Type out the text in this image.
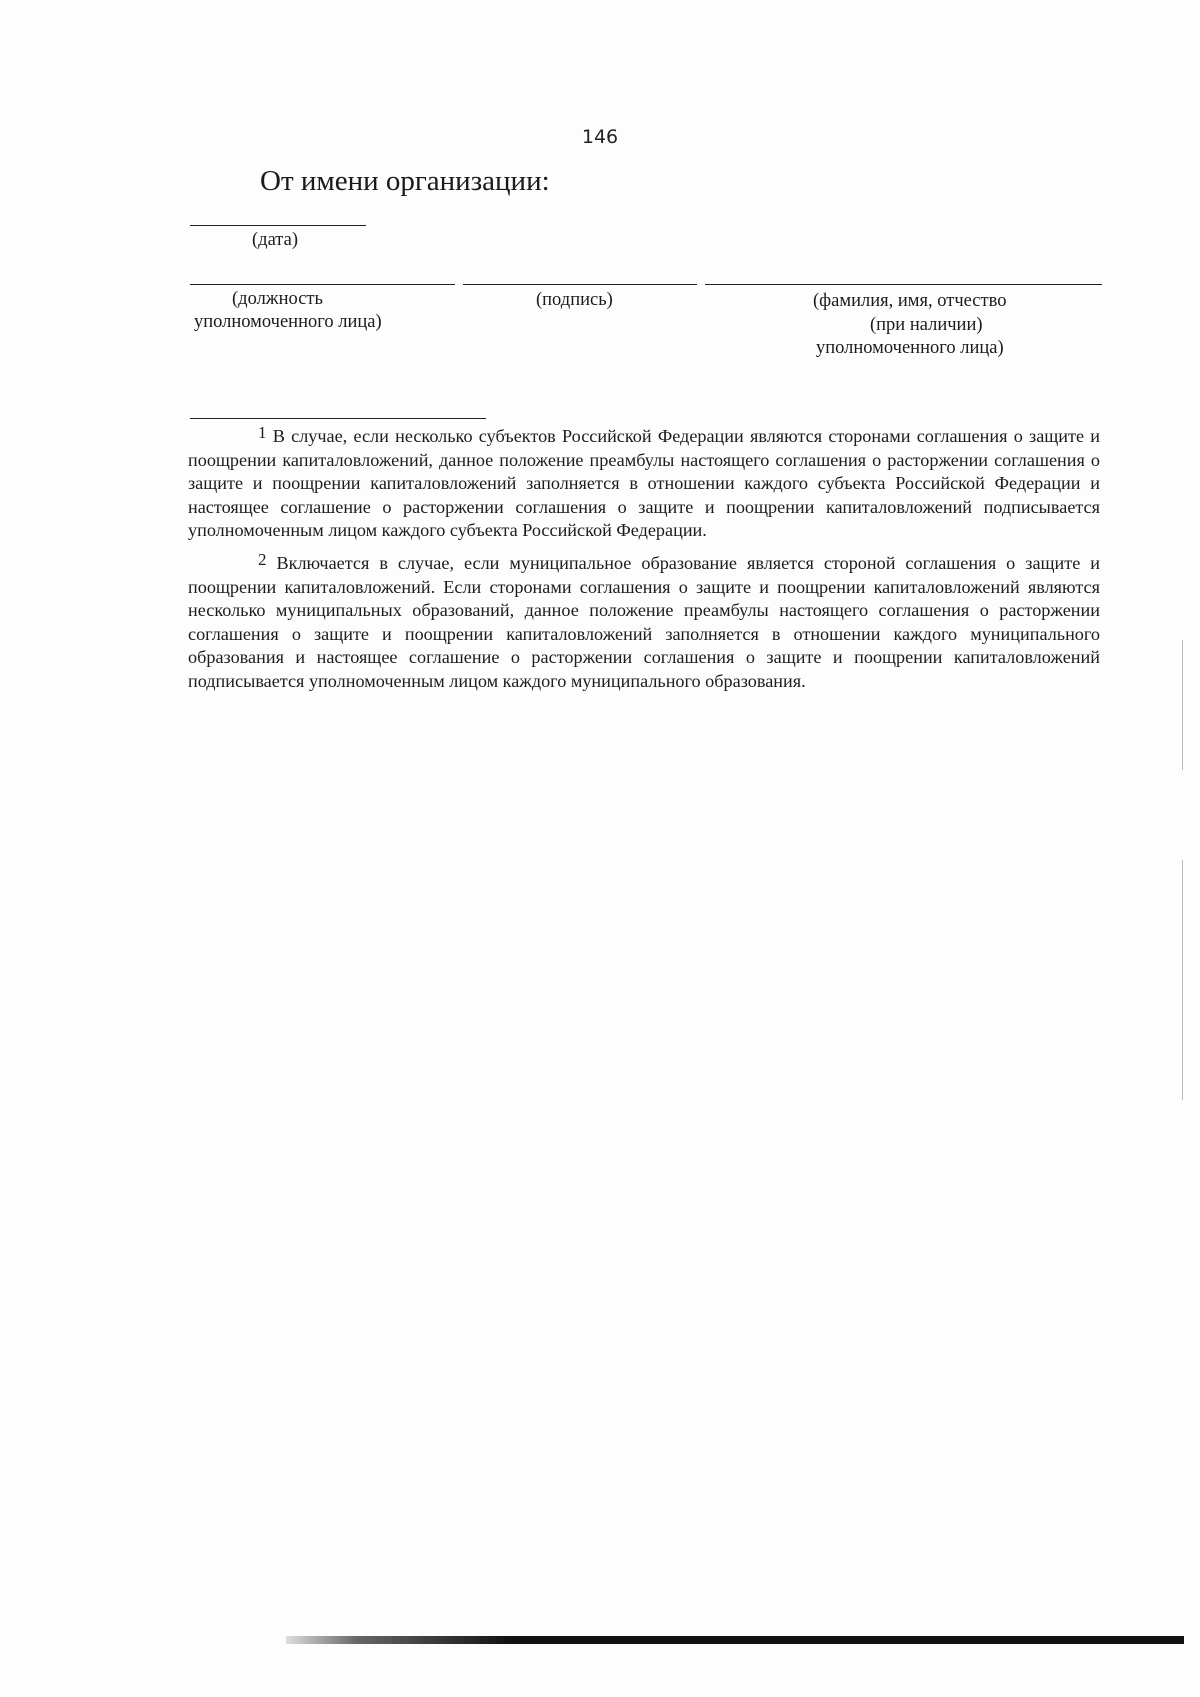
146
От имени организации:
(дата)
(должность
уполномоченного лица)
(подпись)	(фамилия, имя, отчество
(при наличии)
уполномоченного лица)

$^1$ В случае, если несколько субъектов Российской Федерации являются сторонами соглашения о защите и поощрении капиталовложений, данное положение преамбулы настоящего соглашения о расторжении соглашения о защите и поощрении капиталовложений заполняется в отношении каждого субъекта Российской Федерации и настоящее соглашение о расторжении соглашения о защите и поощрении капиталовложений подписывается уполномоченным лицом каждого субъекта Российской Федерации.

$^2$ Включается в случае, если муниципальное образование является стороной соглашения о защите и поощрении капиталовложений. Если сторонами соглашения о защите и поощрении капиталовложений являются несколько муниципальных образований, данное положение преамбулы настоящего соглашения о расторжении соглашения о защите и поощрении капиталовложений заполняется в отношении каждого муниципального образования и настоящее соглашение о расторжении соглашения о защите и поощрении капиталовложений подписывается уполномоченным лицом каждого муниципального образования.
